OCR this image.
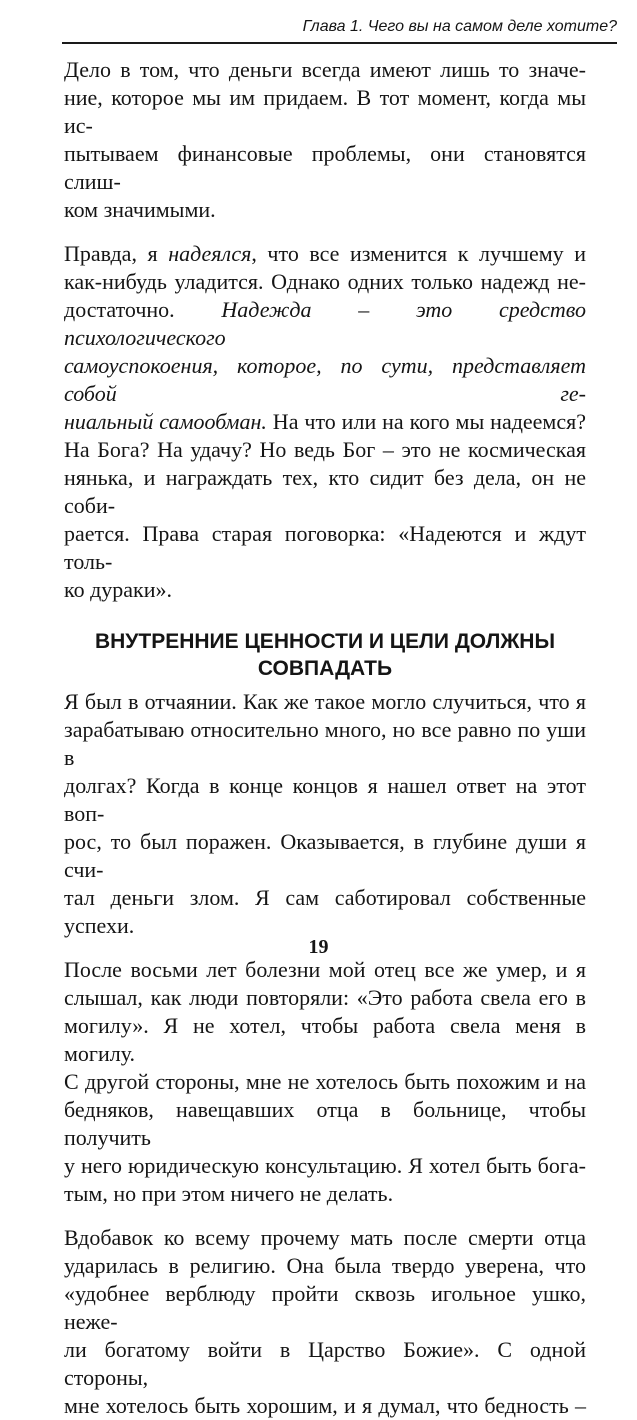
Глава 1. Чего вы на самом деле хотите?

Дело в том, что деньги всегда имеют лишь то значе-

ние, которое мы им придаем. В тот момент, когда мы ис-

пытываем финансовые проблемы, они становятся слиш-

ком значимыми.

Правда, я надеялся, что все изменится к лучшему и

как-нибудь уладится. Однако одних только надежд не-

достаточно. Надежда – это средство психологического

самоуспокоения, которое, по сути, представляет собой ге-

ниальный самообман. На что или на кого мы надеемся?

На Бога? На удачу? Но ведь Бог – это не космическая

нянька, и награждать тех, кто сидит без дела, он не соби-

рается. Права старая поговорка: «Надеются и ждут толь-

ко дураки».

ВНУТРЕННИЕ ЦЕННОСТИ И ЦЕЛИ ДОЛЖНЫ
СОВПАДАТЬ

Я был в отчаянии. Как же такое могло случиться, что я

зарабатываю относительно много, но все равно по уши в

долгах? Когда в конце концов я нашел ответ на этот воп-

рос, то был поражен. Оказывается, в глубине души я счи-

тал деньги злом. Я сам саботировал собственные успехи.

После восьми лет болезни мой отец все же умер, и я

слышал, как люди повторяли: «Это работа свела его в

могилу». Я не хотел, чтобы работа свела меня в могилу.

С другой стороны, мне не хотелось быть похожим и на

бедняков, навещавших отца в больнице, чтобы получить

у него юридическую консультацию. Я хотел быть бога-

тым, но при этом ничего не делать.

Вдобавок ко всему прочему мать после смерти отца

ударилась в религию. Она была твердо уверена, что

«удобнее верблюду пройти сквозь игольное ушко, неже-

ли богатому войти в Царство Божие». С одной стороны,

мне хотелось быть хорошим, и я думал, что бедность –

19
